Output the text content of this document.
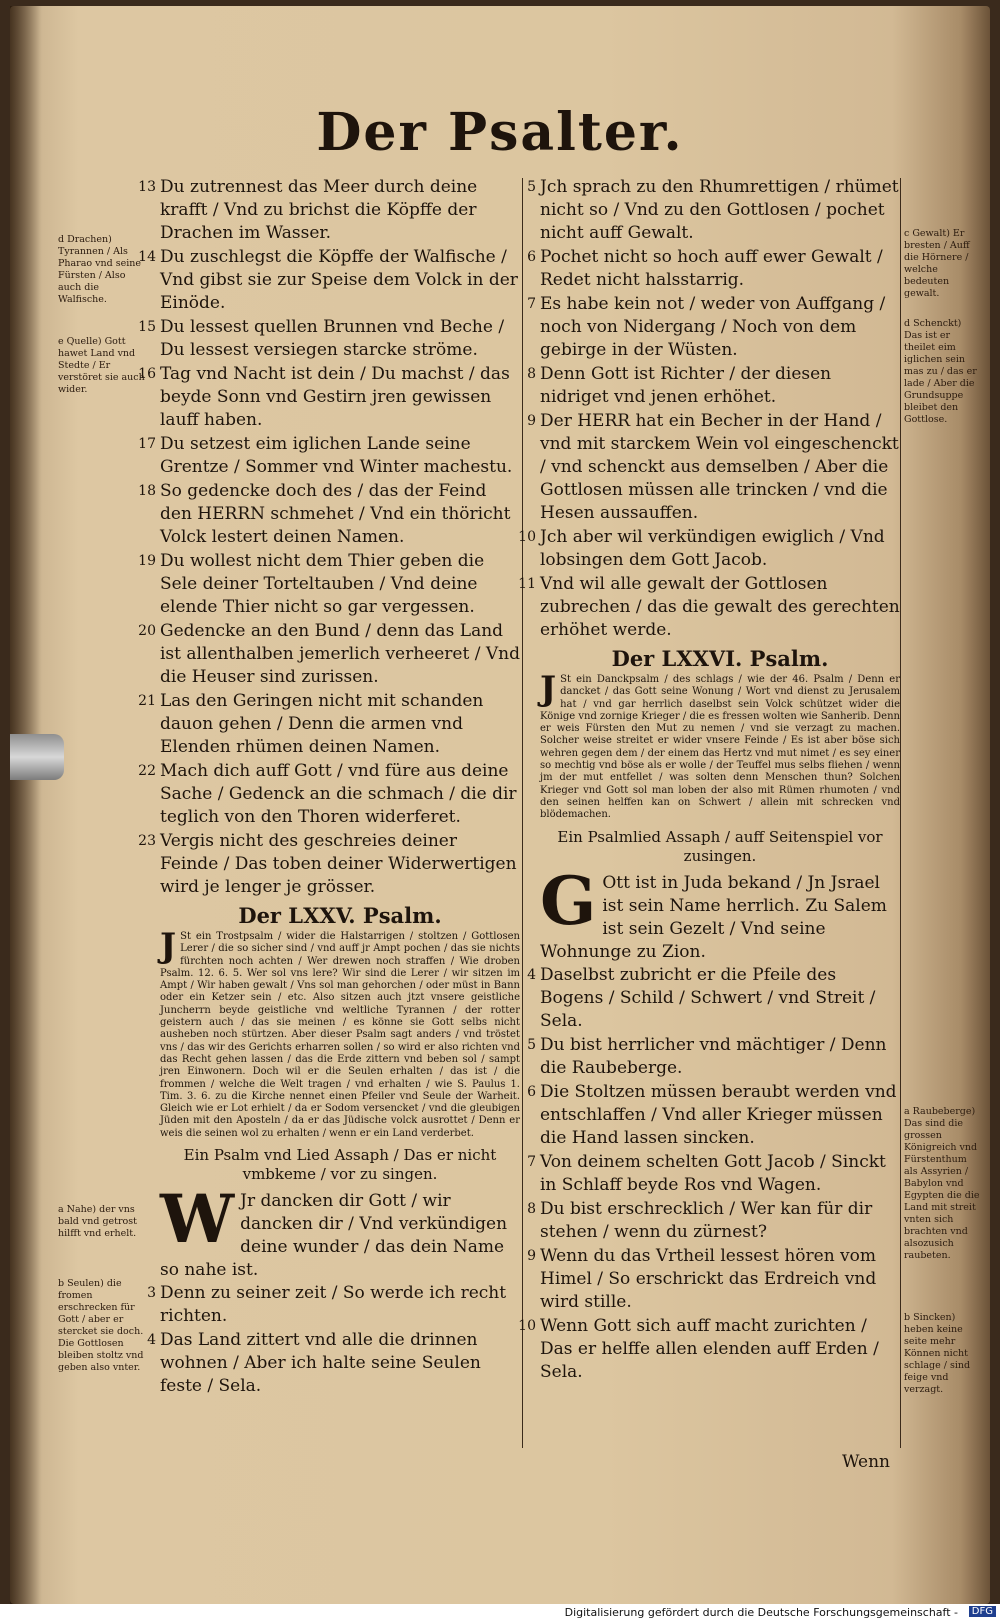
Der Psalter.
13 Du zutrennest das Meer durch deine krafft / Vnd zu brichst die Köpffe der Drachen im Wasser.
14 Du zuschlegst die Köpffe der Walfische / Vnd gibst sie zur Speise dem Volck in der Einöde.
15 Du lessest quellen Brunnen vnd Beche / Du lessest versiegen starcke ströme.
16 Tag vnd Nacht ist dein / Du machst / das beyde Sonn vnd Gestirn jren gewissen lauff haben.
17 Du setzest eim iglichen Lande seine Grentze / Sommer vnd Winter machestu.
18 So gedencke doch des / das der Feind den HERRN schmehet / Vnd ein thöricht Volck lestert deinen Namen.
19 Du wollest nicht dem Thier geben die Sele deiner Torteltauben / Vnd deine elende Thier nicht so gar vergessen.
20 Gedencke an den Bund / denn das Land ist allenthalben jemerlich verheeret / Vnd die Heuser sind zurissen.
21 Las den Geringen nicht mit schanden dauon gehen / Denn die armen vnd Elenden rhümen deinen Namen.
22 Mach dich auff Gott / vnd füre aus deine Sache / Gedenck an die schmach / die dir teglich von den Thoren widerferet.
23 Vergis nicht des geschreies deiner Feinde / Das toben deiner Widerwertigen wird je lenger je grösser.
Der LXXV. Psalm.
J St ein Trostpsalm / wider die Halstarrigen / stoltzen / Gottlosen Lerer / die so sicher sind / vnd auff jr Ampt pochen / das sie nichts fürchten noch achten / Wer drewen noch straffen / Wie droben Psalm. 12. 6. 5. Wer sol vns lere? Wir sind die Lerer / wir sitzen im Ampt / Wir haben gewalt / Vns sol man gehorchen / oder müst in Bann oder ein Ketzer sein / etc. Also sitzen auch jtzt vnsere geistliche Juncherrn beyde geistliche vnd weltliche Tyrannen / der rotter geistern auch / das sie meinen / es könne sie Gott selbs nicht ausheben noch stürtzen. Aber dieser Psalm sagt anders / vnd tröstet vns / das wir des Gerichts erharren sollen / so wird er also richten vnd das Recht gehen lassen / das die Erde zittern vnd beben sol / sampt jren Einwonern. Doch wil er die Seulen erhalten / das ist / die frommen / welche die Welt tragen / vnd erhalten / wie S. Paulus 1. Tim. 3. 6. zu die Kirche nennet einen Pfeiler vnd Seule der Warheit. Gleich wie er Lot erhielt / da er Sodom versencket / vnd die gleubigen Jüden mit den Aposteln / da er das Jüdische volck ausrottet / Denn er weis die seinen wol zu erhalten / wenn er ein Land verderbet.
Ein Psalm vnd Lied Assaph / Das er nicht vmbkeme / vor zu singen.
W Jr dancken dir Gott / wir dancken dir / Vnd verkündigen deine wunder / das dein Name so nahe ist.
3 Denn zu seiner zeit / So werde ich recht richten.
4 Das Land zittert vnd alle die drinnen wohnen / Aber ich halte seine Seulen feste / Sela.
5 Jch sprach zu den Rhumrettigen / rhümet nicht so / Vnd zu den Gottlosen / pochet nicht auff Gewalt.
6 Pochet nicht so hoch auff ewer Gewalt / Redet nicht halsstarrig.
7 Es habe kein not / weder von Auffgang / noch von Nidergang / Noch von dem gebirge in der Wüsten.
8 Denn Gott ist Richter / der diesen nidriget vnd jenen erhöhet.
9 Der HERR hat ein Becher in der Hand / vnd mit starckem Wein vol eingeschenckt / vnd schenckt aus demselben / Aber die Gottlosen müssen alle trincken / vnd die Hesen aussauffen.
10 Jch aber wil verkündigen ewiglich / Vnd lobsingen dem Gott Jacob.
11 Vnd wil alle gewalt der Gottlosen zubrechen / das die gewalt des gerechten erhöhet werde.
Der LXXVI. Psalm.
J St ein Danckpsalm / des schlags / wie der 46. Psalm / Denn er dancket / das Gott seine Wonung / Wort vnd dienst zu Jerusalem hat / vnd gar herrlich daselbst sein Volck schützet wider die Könige vnd zornige Krieger / die es fressen wolten wie Sanherib. Denn er weis Fürsten den Mut zu nemen / vnd sie verzagt zu machen. Solcher weise streitet er wider vnsere Feinde / Es ist aber böse sich wehren gegen dem / der einem das Hertz vnd mut nimet / es sey einer so mechtig vnd böse als er wolle / der Teuffel mus selbs fliehen / wenn jm der mut entfellet / was solten denn Menschen thun? Solchen Krieger vnd Gott sol man loben der also mit Rümen rhumoten / vnd den seinen helffen kan on Schwert / allein mit schrecken vnd blödemachen.
Ein Psalmlied Assaph / auff Seitenspiel vor zusingen.
G Ott ist in Juda bekand / Jn Jsrael ist sein Name herrlich. Zu Salem ist sein Gezelt / Vnd seine Wohnunge zu Zion.
4 Daselbst zubricht er die Pfeile des Bogens / Schild / Schwert / vnd Streit / Sela.
5 Du bist herrlicher vnd mächtiger / Denn die Raubeberge.
6 Die Stoltzen müssen beraubt werden vnd entschlaffen / Vnd aller Krieger müssen die Hand lassen sincken.
7 Von deinem schelten Gott Jacob / Sinckt in Schlaff beyde Ros vnd Wagen.
8 Du bist erschrecklich / Wer kan für dir stehen / wenn du zürnest?
9 Wenn du das Vrtheil lessest hören vom Himel / So erschrickt das Erdreich vnd wird stille.
10 Wenn Gott sich auff macht zurichten / Das er helffe allen elenden auff Erden / Sela.
d Drachen) Tyrannen / Als Pharao vnd seine Fürsten / Also auch die Walfische.
e Quelle) Gott hawet Land vnd Stedte / Er verstöret sie auch wider.
a Nahe) der vns bald vnd getrost hilfft vnd erhelt.
b Seulen) die fromen erschrecken für Gott / aber er stercket sie doch. Die Gottlosen bleiben stoltz vnd geben also vnter.
c Gewalt) Er bresten / Auff die Hörnere / welche bedeuten gewalt.
d Schenckt) Das ist er theilet eim iglichen sein mas zu / das er lade / Aber die Grundsuppe bleibet den Gottlose.
a Raubeberge) Das sind die grossen Königreich vnd Fürstenthum als Assyrien / Babylon vnd Egypten die die Land mit streit vnten sich brachten vnd alsozusich raubeten.
b Sincken) heben keine seite mehr Können nicht schlage / sind feige vnd verzagt.
Wenn
Digitalisierung gefördert durch die Deutsche Forschungsgemeinschaft -	DFG
